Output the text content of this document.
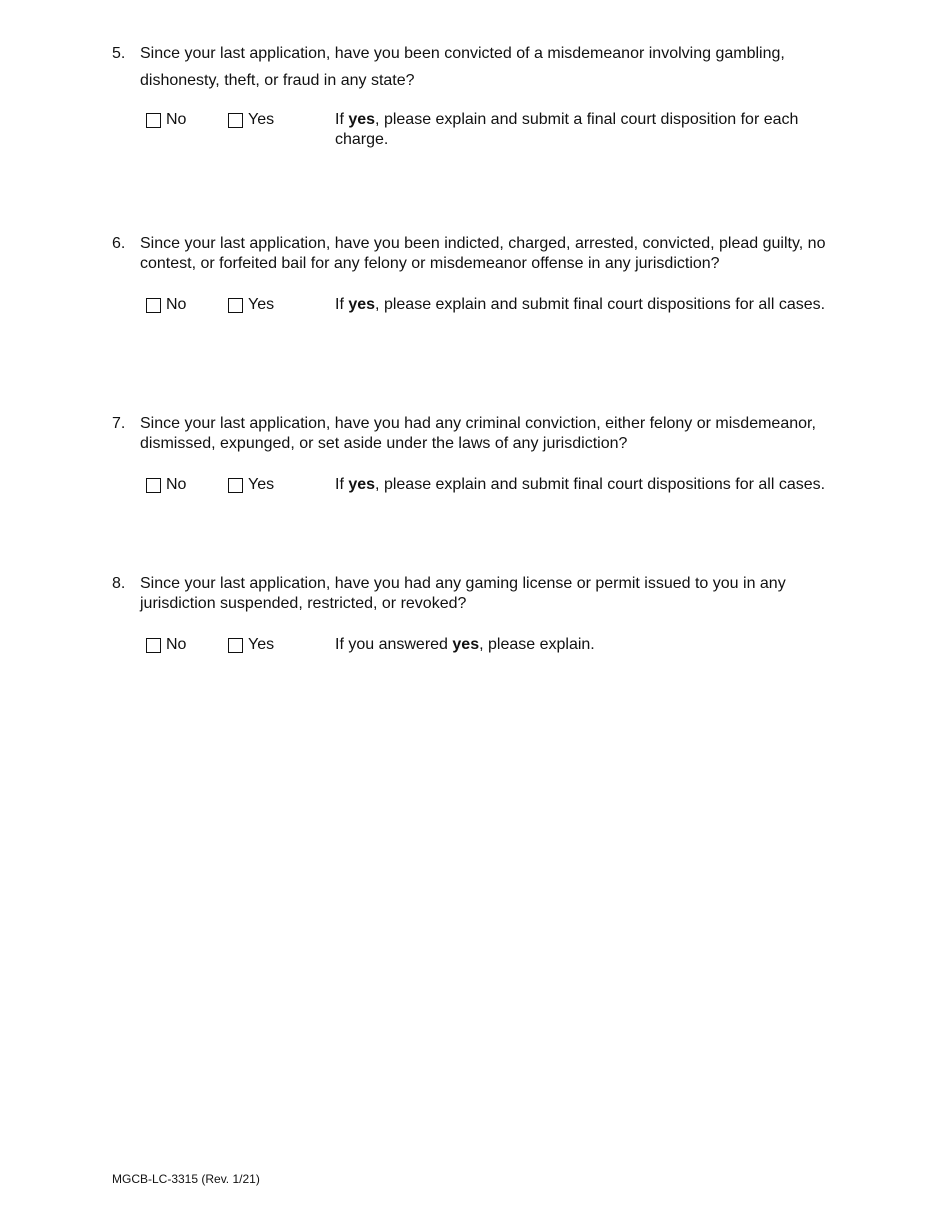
5. Since your last application, have you been convicted of a misdemeanor involving gambling, dishonesty, theft, or fraud in any state?
No	Yes	If yes, please explain and submit a final court disposition for each charge.
6. Since your last application, have you been indicted, charged, arrested, convicted, plead guilty, no contest, or forfeited bail for any felony or misdemeanor offense in any jurisdiction?
No	Yes	If yes, please explain and submit final court dispositions for all cases.
7. Since your last application, have you had any criminal conviction, either felony or misdemeanor, dismissed, expunged, or set aside under the laws of any jurisdiction?
No	Yes	If yes, please explain and submit final court dispositions for all cases.
8. Since your last application, have you had any gaming license or permit issued to you in any jurisdiction suspended, restricted, or revoked?
No	Yes	If you answered yes, please explain.
MGCB-LC-3315 (Rev. 1/21)
